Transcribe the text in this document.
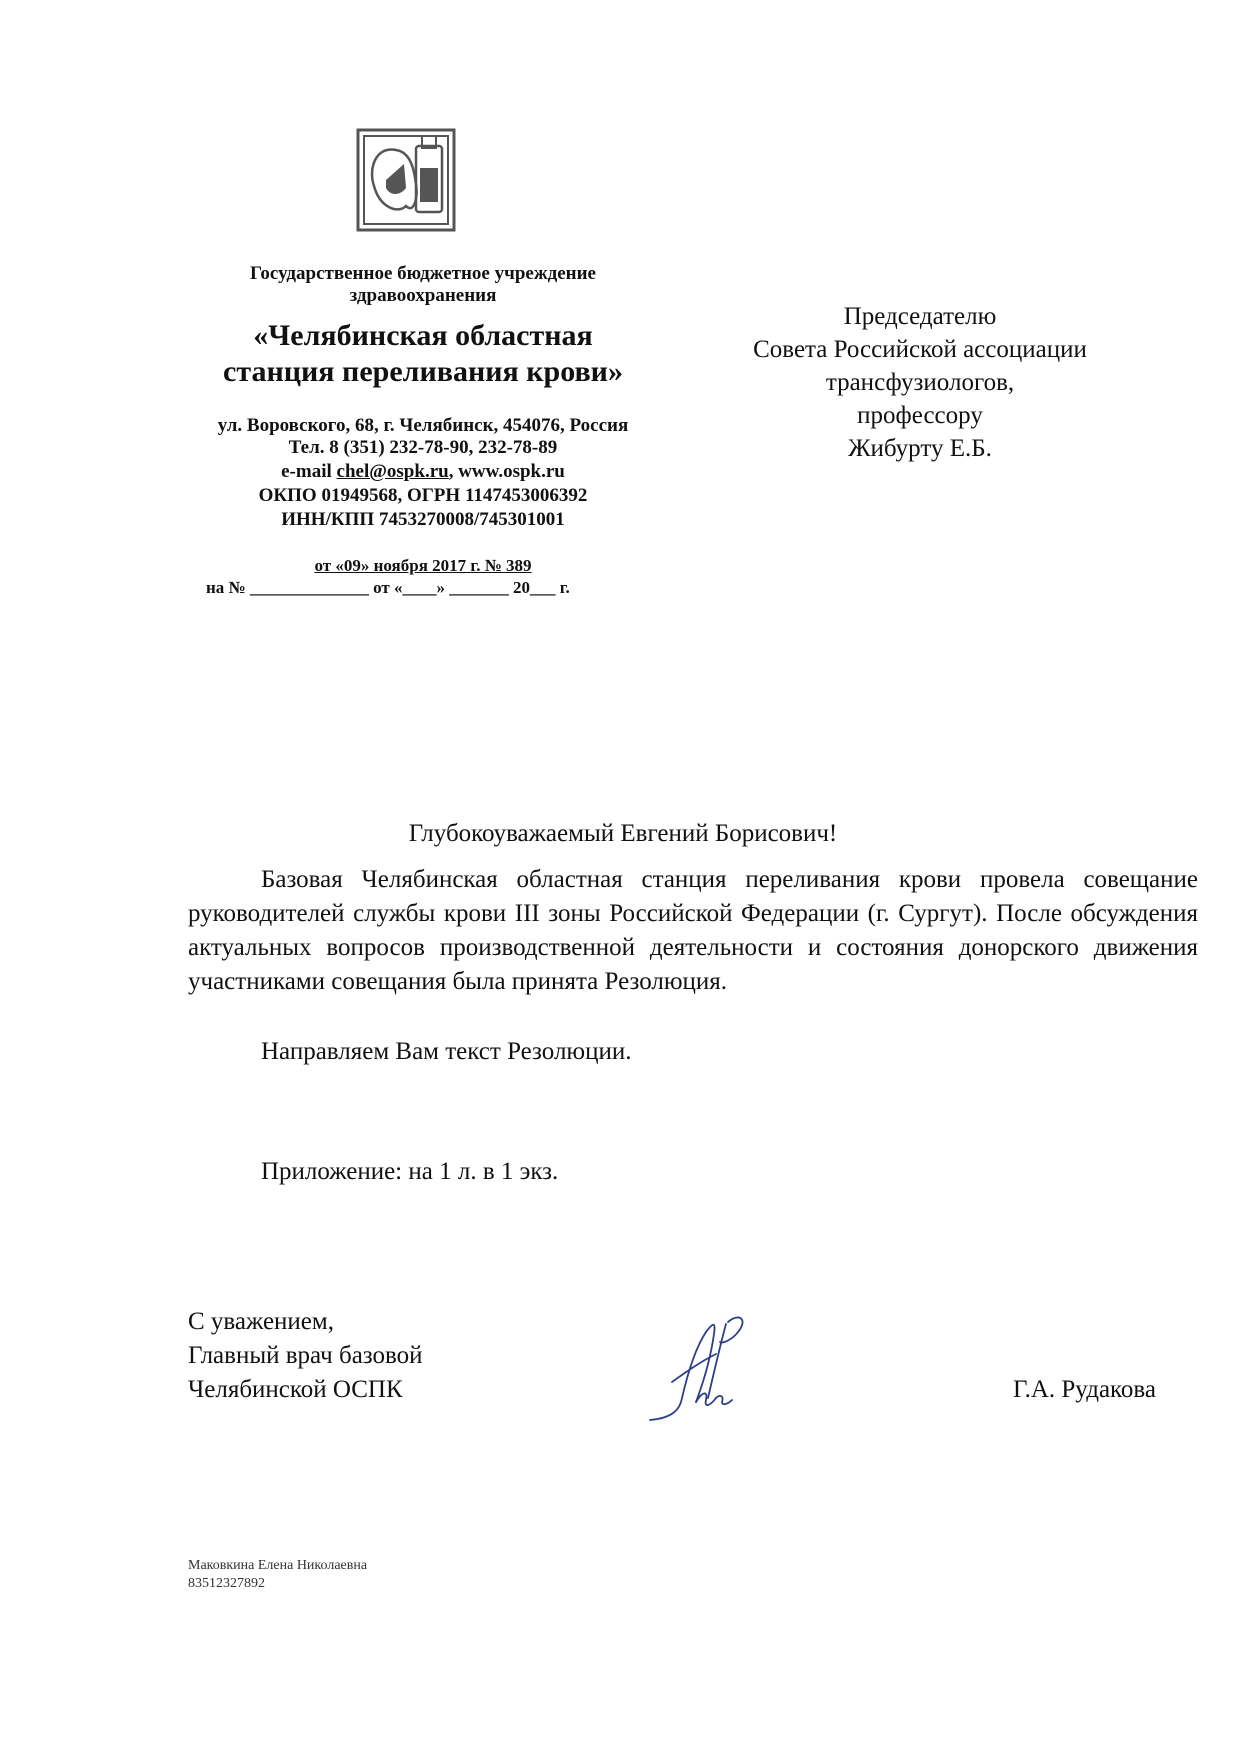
Государственное бюджетное учреждение
здравоохранения
«Челябинская областная
станция переливания крови»
ул. Воровского, 68, г. Челябинск, 454076, Россия
Тел. 8 (351) 232-78-90, 232-78-89
e-mail chel@ospk.ru, www.ospk.ru
ОКПО 01949568, ОГРН 1147453006392
ИНН/КПП 7453270008/745301001
от «09» ноября 2017 г. № 389
на № ______________ от «____» _______ 20___ г.
Председателю
Совета Российской ассоциации
трансфузиологов,
профессору
Жибурту Е.Б.
Глубокоуважаемый Евгений Борисович!
Базовая Челябинская областная станция переливания крови провела совещание руководителей службы крови III зоны Российской Федерации (г. Сургут). После обсуждения актуальных вопросов производственной деятельности и состояния донорского движения участниками совещания была принята Резолюция.
Направляем Вам текст Резолюции.
Приложение: на 1 л. в 1 экз.
С уважением,
Главный врач базовой
Челябинской ОСПК	Г.А. Рудакова
Маковкина Елена Николаевна
83512327892
